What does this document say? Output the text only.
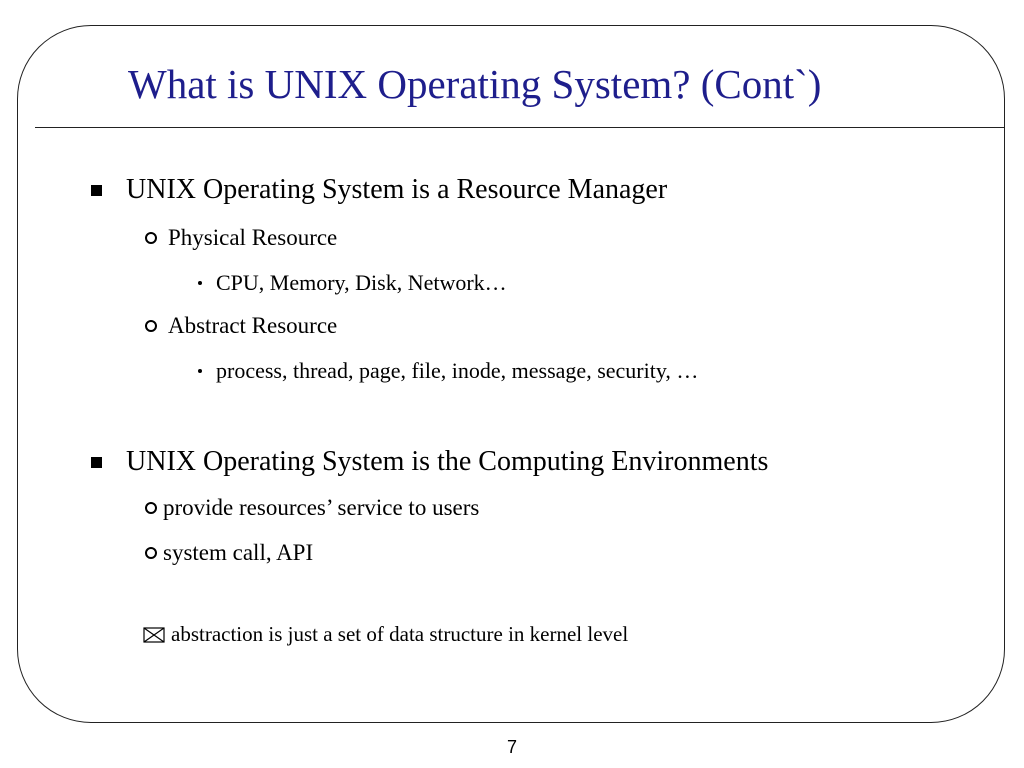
What is UNIX Operating System? (Cont`)
UNIX Operating System is a Resource Manager
Physical Resource
CPU, Memory, Disk, Network…
Abstract Resource
process, thread, page, file, inode, message, security, …
UNIX Operating System is the Computing Environments
provide resources’ service to users
system call, API
abstraction is just a set of data structure in kernel level
7
